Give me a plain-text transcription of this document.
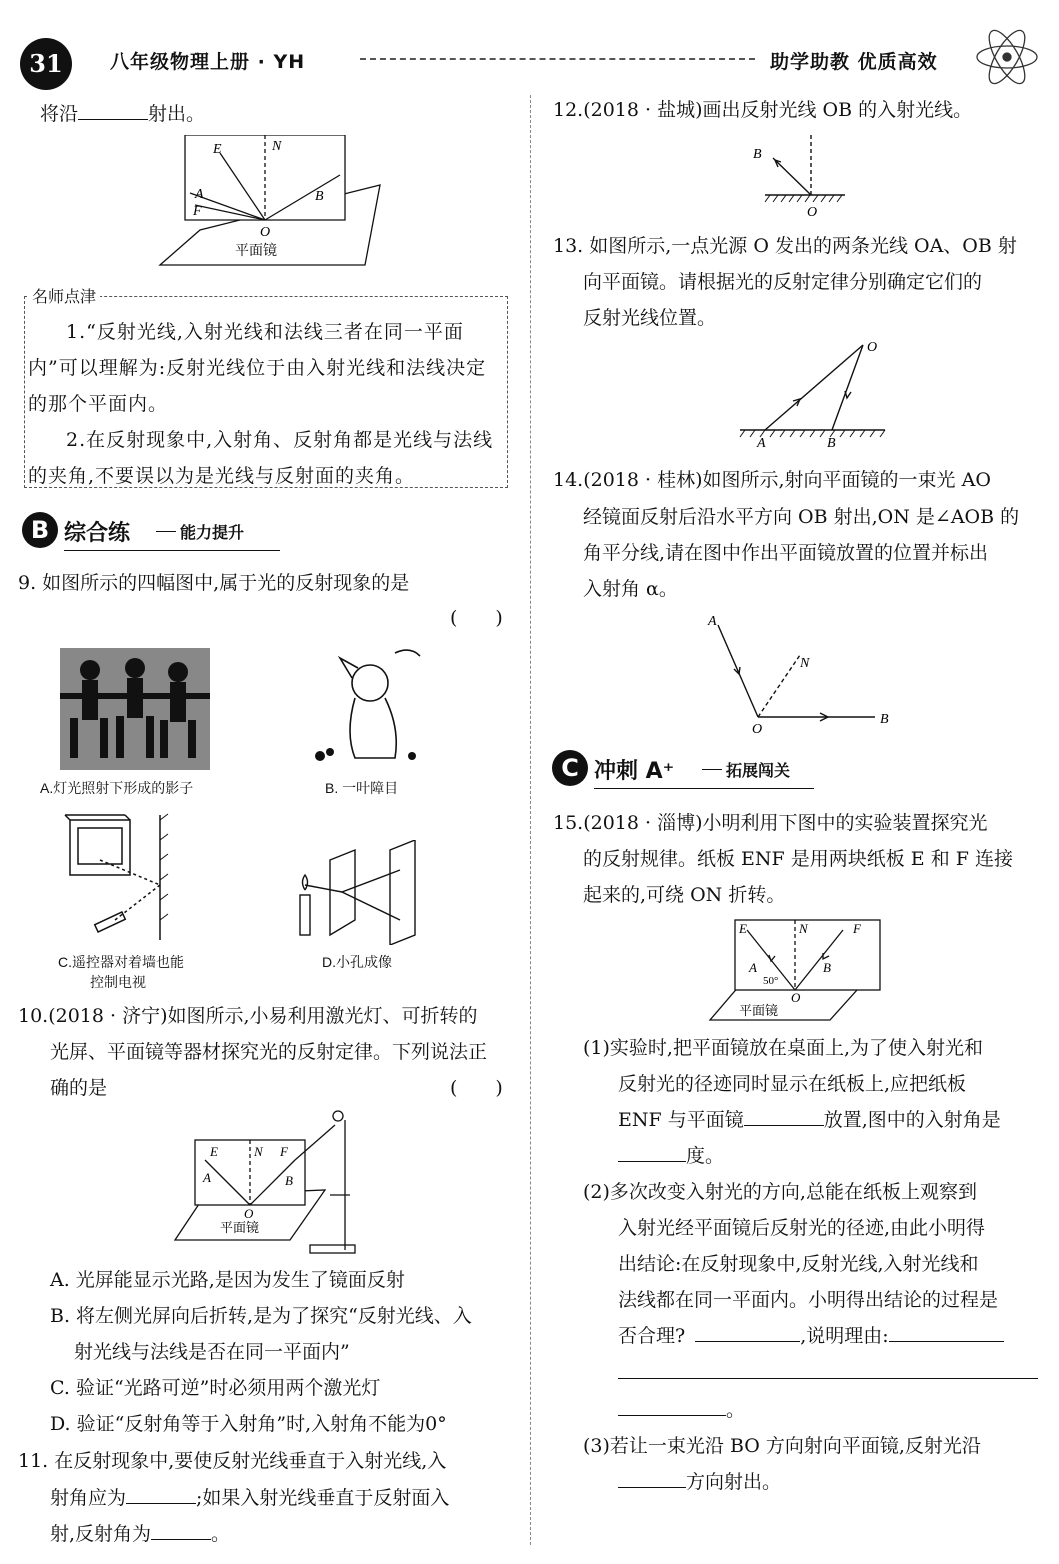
31	八年级物理上册 · YH	助学助教 优质高效
将沿	射出。
E	N
A
F
B
O
平面镜
名师点津
1.“反射光线,入射光线和法线三者在同一平面内”可以理解为:反射光线位于由入射光线和法线决定的那个平面内。
2.在反射现象中,入射角、反射角都是光线与法线的夹角,不要误以为是光线与反射面的夹角。
B 综合练	能力提升
9. 如图所示的四幅图中,属于光的反射现象的是
(　　)
A.灯光照射下形成的影子	B. 一叶障目
C.遥控器对着墙也能
控制电视
D.小孔成像
10.(2018 · 济宁)如图所示,小易利用激光灯、可折转的
光屏、平面镜等器材探究光的反射定律。下列说法正
确的是	(　　)
E	N F
A	B
O
平面镜
A. 光屏能显示光路,是因为发生了镜面反射
B. 将左侧光屏向后折转,是为了探究“反射光线、入
射光线与法线是否在同一平面内”
C. 验证“光路可逆”时必须用两个激光灯
D. 验证“反射角等于入射角”时,入射角不能为0°
11. 在反射现象中,要使反射光线垂直于入射光线,入
射角应为	;如果入射光线垂直于反射面入
射,反射角为	。
12.(2018 · 盐城)画出反射光线 OB 的入射光线。
B
O
13. 如图所示,一点光源 O 发出的两条光线 OA、OB 射
向平面镜。请根据光的反射定律分别确定它们的
反射光线位置。
O
A	B
14.(2018 · 桂林)如图所示,射向平面镜的一束光 AO
经镜面反射后沿水平方向 OB 射出,ON 是∠AOB 的
角平分线,请在图中作出平面镜放置的位置并标出
入射角 α。
A
N
O
B
C 冲刺 A⁺	拓展闯关
15.(2018 · 淄博)小明利用下图中的实验装置探究光
的反射规律。纸板 ENF 是用两块纸板 E 和 F 连接
起来的,可绕 ON 折转。
E	N	F
A	B
O
50°
平面镜
(1)实验时,把平面镜放在桌面上,为了使入射光和
反射光的径迹同时显示在纸板上,应把纸板
ENF 与平面镜	放置,图中的入射角是
度。
(2)多次改变入射光的方向,总能在纸板上观察到
入射光经平面镜后反射光的径迹,由此小明得
出结论:在反射现象中,反射光线,入射光线和
法线都在同一平面内。小明得出结论的过程是
否合理?	,说明理由:
。
(3)若让一束光沿 BO 方向射向平面镜,反射光沿
方向射出。
